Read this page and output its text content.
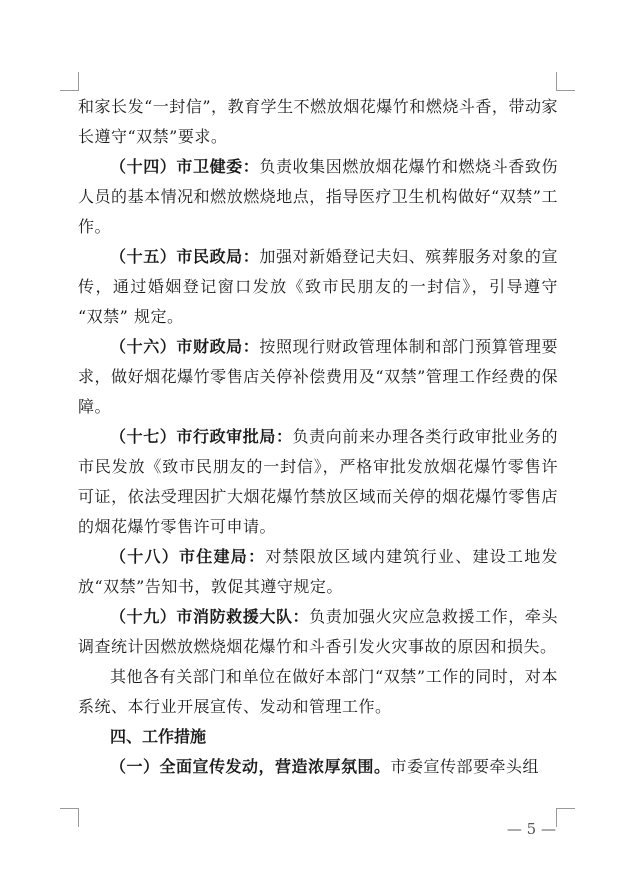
和家长发“一封信”，教育学生不燃放烟花爆竹和燃烧斗香，带动家长遵守“双禁”要求。

（十四）市卫健委：负责收集因燃放烟花爆竹和燃烧斗香致伤人员的基本情况和燃放燃烧地点，指导医疗卫生机构做好“双禁”工作。

（十五）市民政局：加强对新婚登记夫妇、殡葬服务对象的宣传，通过婚姻登记窗口发放《致市民朋友的一封信》，引导遵守 “双禁” 规定。

（十六）市财政局：按照现行财政管理体制和部门预算管理要求，做好烟花爆竹零售店关停补偿费用及“双禁”管理工作经费的保障。

（十七）市行政审批局：负责向前来办理各类行政审批业务的市民发放《致市民朋友的一封信》，严格审批发放烟花爆竹零售许可证，依法受理因扩大烟花爆竹禁放区域而关停的烟花爆竹零售店的烟花爆竹零售许可申请。

（十八）市住建局：对禁限放区域内建筑行业、建设工地发放“双禁”告知书，敦促其遵守规定。

（十九）市消防救援大队：负责加强火灾应急救援工作，牵头调查统计因燃放燃烧烟花爆竹和斗香引发火灾事故的原因和损失。

其他各有关部门和单位在做好本部门“双禁”工作的同时，对本系统、本行业开展宣传、发动和管理工作。

四、工作措施

（一）全面宣传发动，营造浓厚氛围。市委宣传部要牵头组

— 5 —
